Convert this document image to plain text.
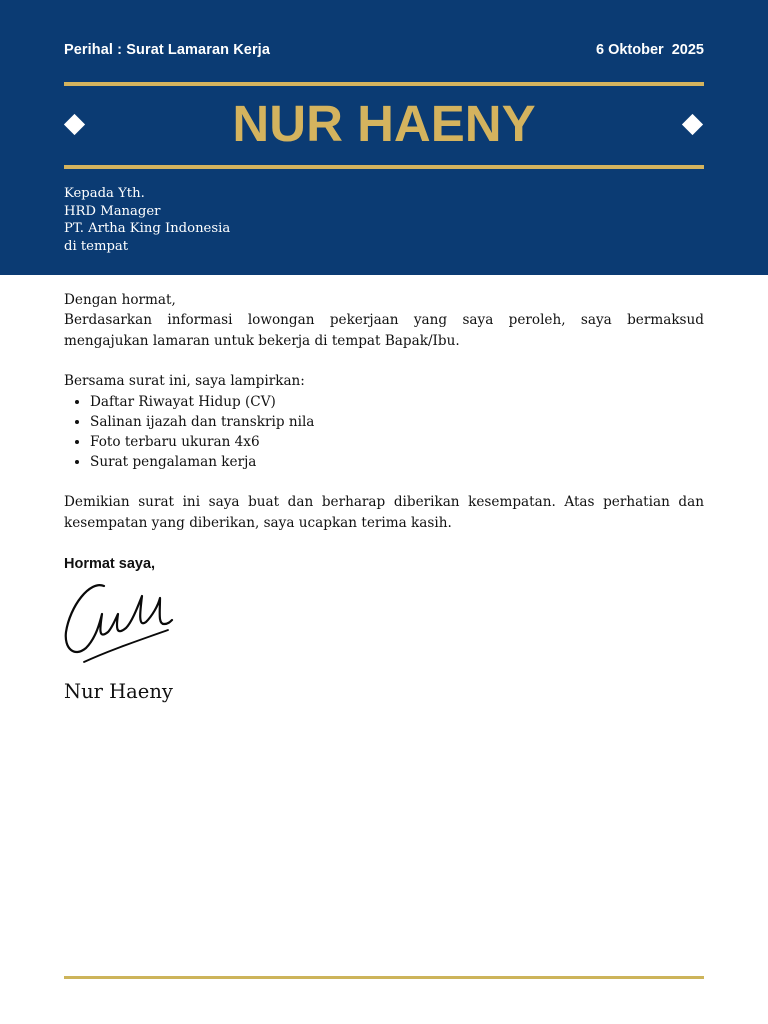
Perihal : Surat Lamaran Kerja	6 Oktober  2025
NUR HAENY
Kepada Yth.
HRD Manager
PT. Artha King Indonesia
di tempat

Dengan hormat,

Berdasarkan informasi lowongan pekerjaan yang saya peroleh, saya bermaksud mengajukan lamaran untuk bekerja di tempat Bapak/Ibu.

Bersama surat ini, saya lampirkan:

• Daftar Riwayat Hidup (CV)
• Salinan ijazah dan transkrip nila
• Foto terbaru ukuran 4x6
• Surat pengalaman kerja

Demikian surat ini saya buat dan berharap diberikan kesempatan. Atas perhatian dan kesempatan yang diberikan, saya ucapkan terima kasih.

Hormat saya,
Nur Haeny
